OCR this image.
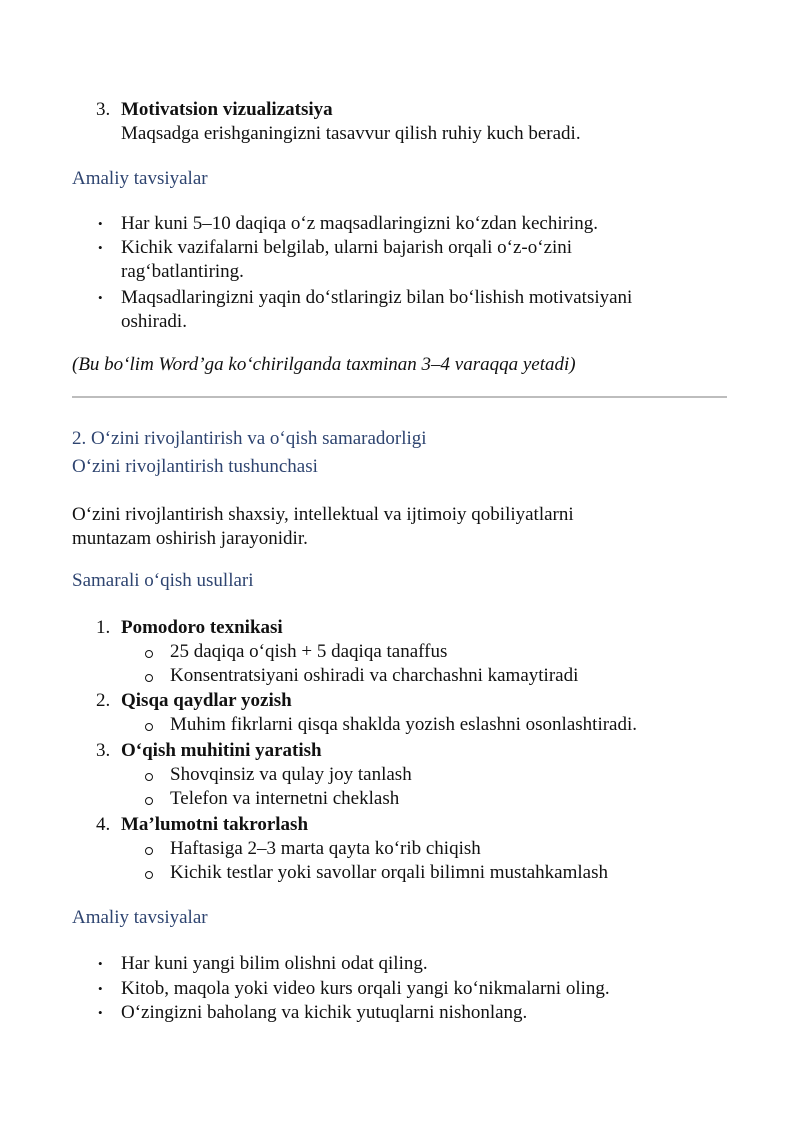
3. Motivatsion vizualizatsiya
Maqsadga erishganingizni tasavvur qilish ruhiy kuch beradi.
Amaliy tavsiyalar
• Har kuni 5–10 daqiqa o‘z maqsadlaringizni ko‘zdan kechiring.
• Kichik vazifalarni belgilab, ularni bajarish orqali o‘z-o‘zini
rag‘batlantiring.
• Maqsadlaringizni yaqin do‘stlaringiz bilan bo‘lishish motivatsiyani
oshiradi.
(Bu bo‘lim Word’ga ko‘chirilganda taxminan 3–4 varaqqa yetadi)
2. O‘zini rivojlantirish va o‘qish samaradorligi
O‘zini rivojlantirish tushunchasi
O‘zini rivojlantirish shaxsiy, intellektual va ijtimoiy qobiliyatlarni
muntazam oshirish jarayonidir.
Samarali o‘qish usullari
1. Pomodoro texnikasi
25 daqiqa o‘qish + 5 daqiqa tanaffus
Konsentratsiyani oshiradi va charchashni kamaytiradi
2. Qisqa qaydlar yozish
Muhim fikrlarni qisqa shaklda yozish eslashni osonlashtiradi.
3. O‘qish muhitini yaratish
Shovqinsiz va qulay joy tanlash
Telefon va internetni cheklash
4. Ma’lumotni takrorlash
Haftasiga 2–3 marta qayta ko‘rib chiqish
Kichik testlar yoki savollar orqali bilimni mustahkamlash
Amaliy tavsiyalar
• Har kuni yangi bilim olishni odat qiling.
• Kitob, maqola yoki video kurs orqali yangi ko‘nikmalarni oling.
• O‘zingizni baholang va kichik yutuqlarni nishonlang.
